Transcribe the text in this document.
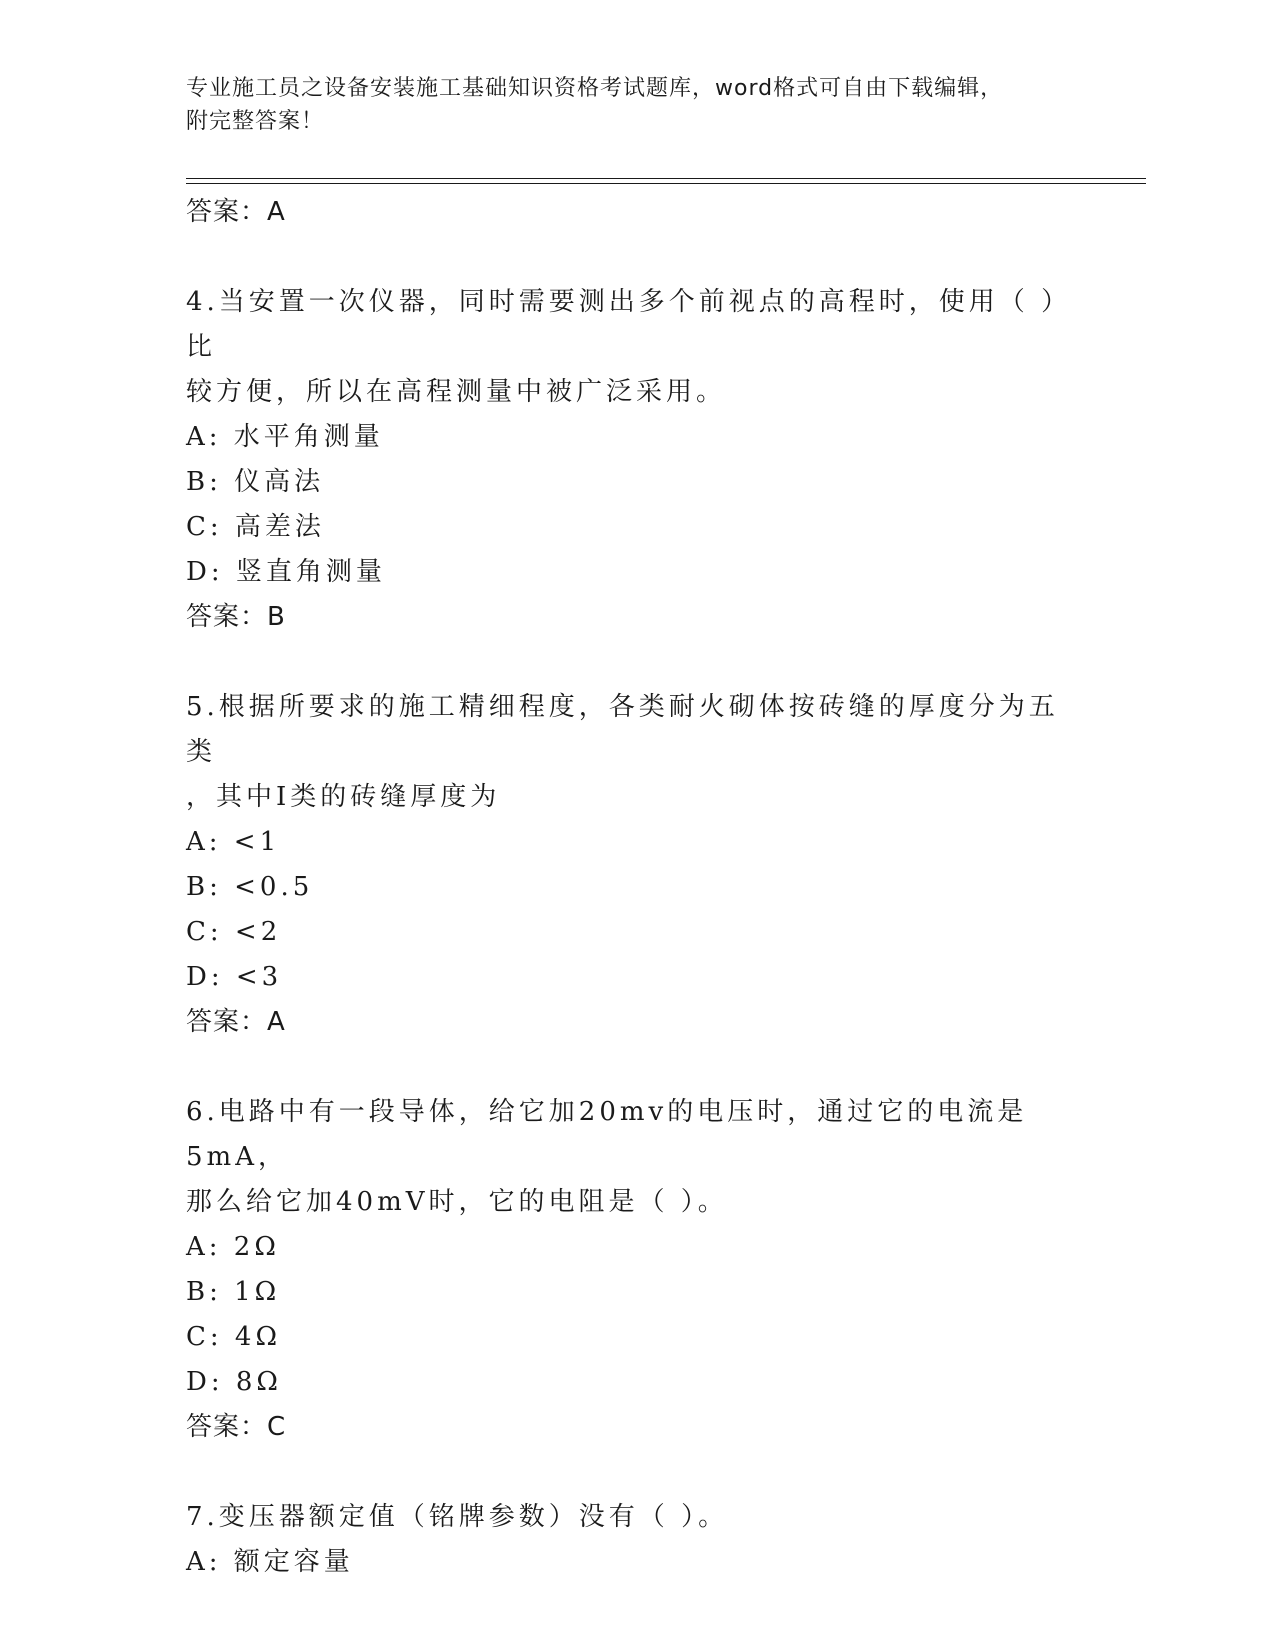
专业施工员之设备安装施工基础知识资格考试题库，word格式可自由下载编辑，
附完整答案！
答案：A
4.当安置一次仪器，同时需要测出多个前视点的高程时，使用（ ）比
较方便，所以在高程测量中被广泛采用。
A: 水平角测量
B: 仪高法
C: 高差法
D: 竖直角测量
答案：B
5.根据所要求的施工精细程度，各类耐火砌体按砖缝的厚度分为五类
，其中Ⅰ类的砖缝厚度为
A: <1
B: <0.5
C: <2
D: <3
答案：A
6.电路中有一段导体，给它加20mv的电压时，通过它的电流是5mA，
那么给它加40mV时，它的电阻是（ ）。
A: 2Ω
B: 1Ω
C: 4Ω
D: 8Ω
答案：C
7.变压器额定值（铭牌参数）没有（ ）。
A: 额定容量
